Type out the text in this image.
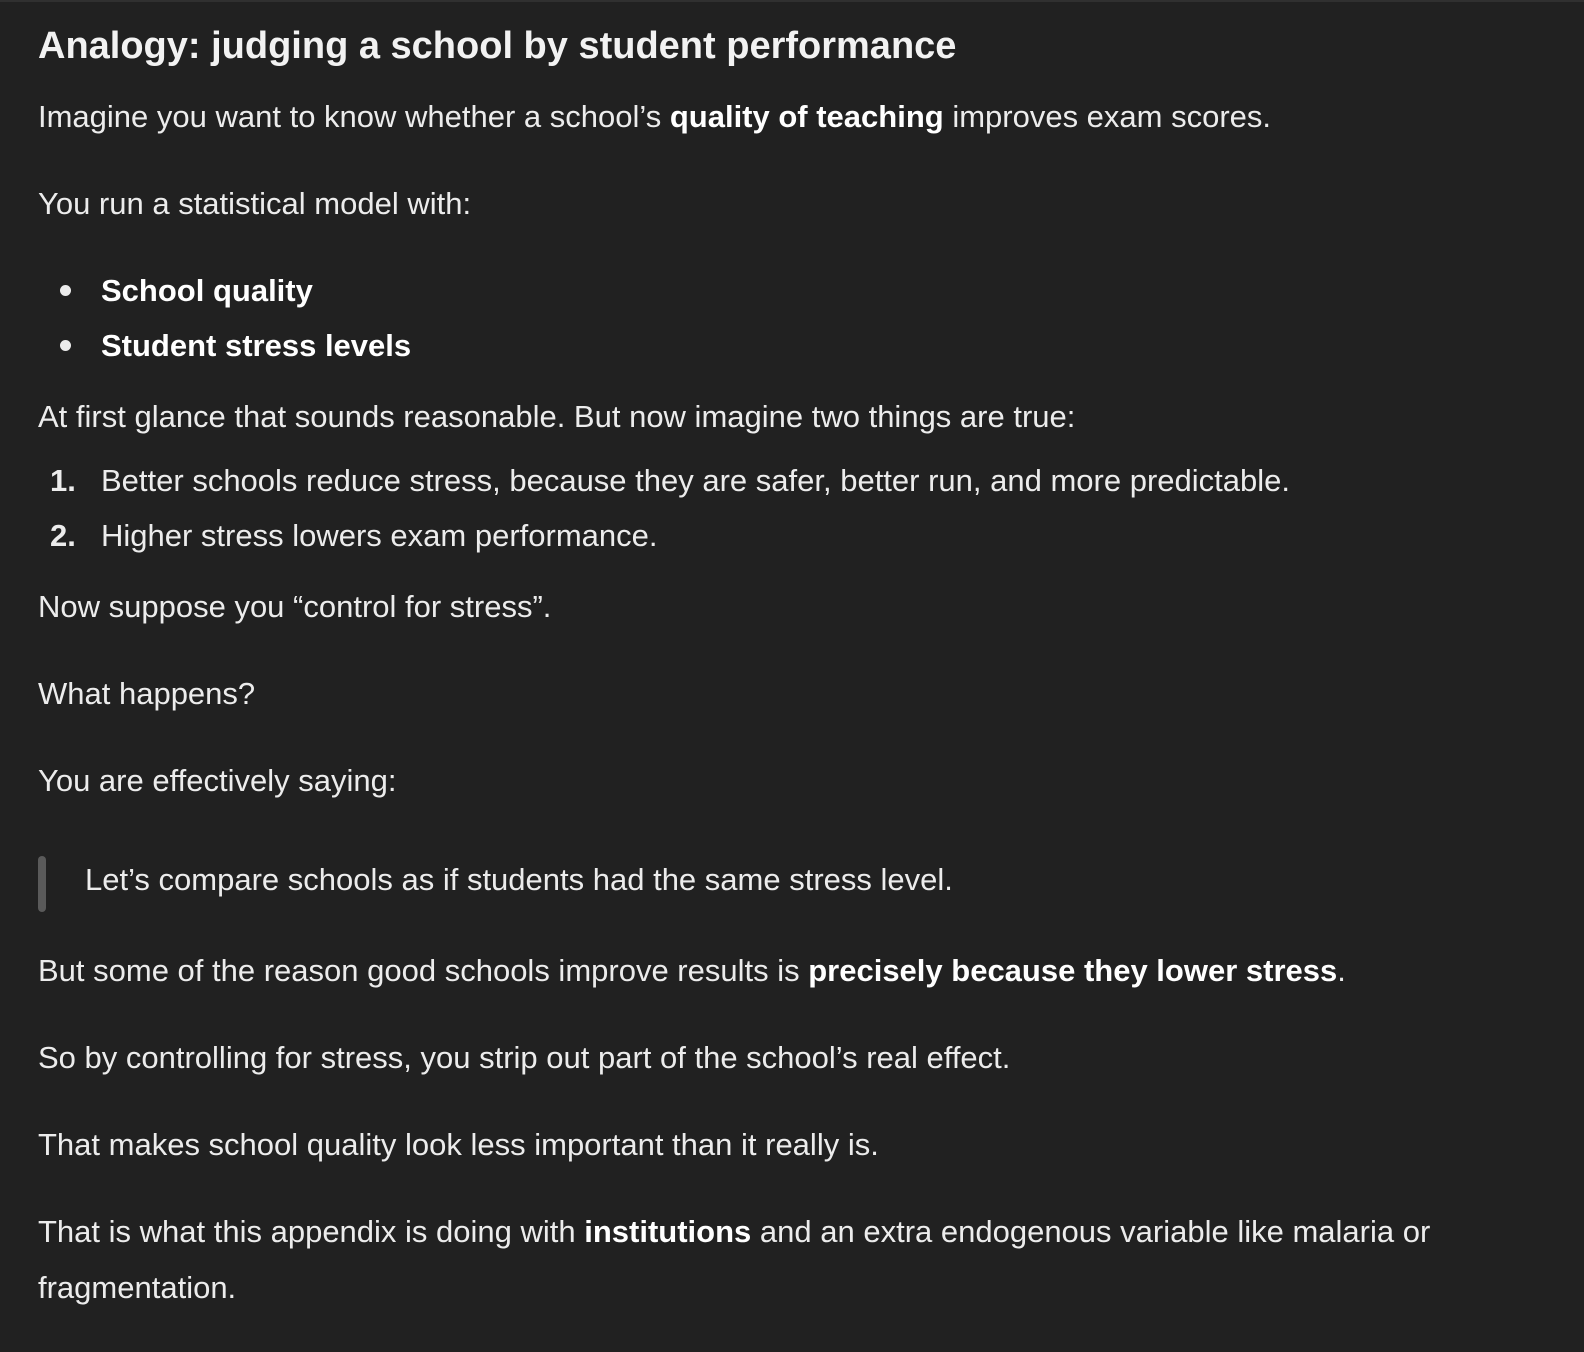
Analogy: judging a school by student performance

Imagine you want to know whether a school’s quality of teaching improves exam scores.

You run a statistical model with:

School quality
Student stress levels

At first glance that sounds reasonable. But now imagine two things are true:

1. Better schools reduce stress, because they are safer, better run, and more predictable.
2. Higher stress lowers exam performance.

Now suppose you “control for stress”.

What happens?

You are effectively saying:

Let’s compare schools as if students had the same stress level.

But some of the reason good schools improve results is precisely because they lower stress.

So by controlling for stress, you strip out part of the school’s real effect.

That makes school quality look less important than it really is.

That is what this appendix is doing with institutions and an extra endogenous variable like malaria or fragmentation.
